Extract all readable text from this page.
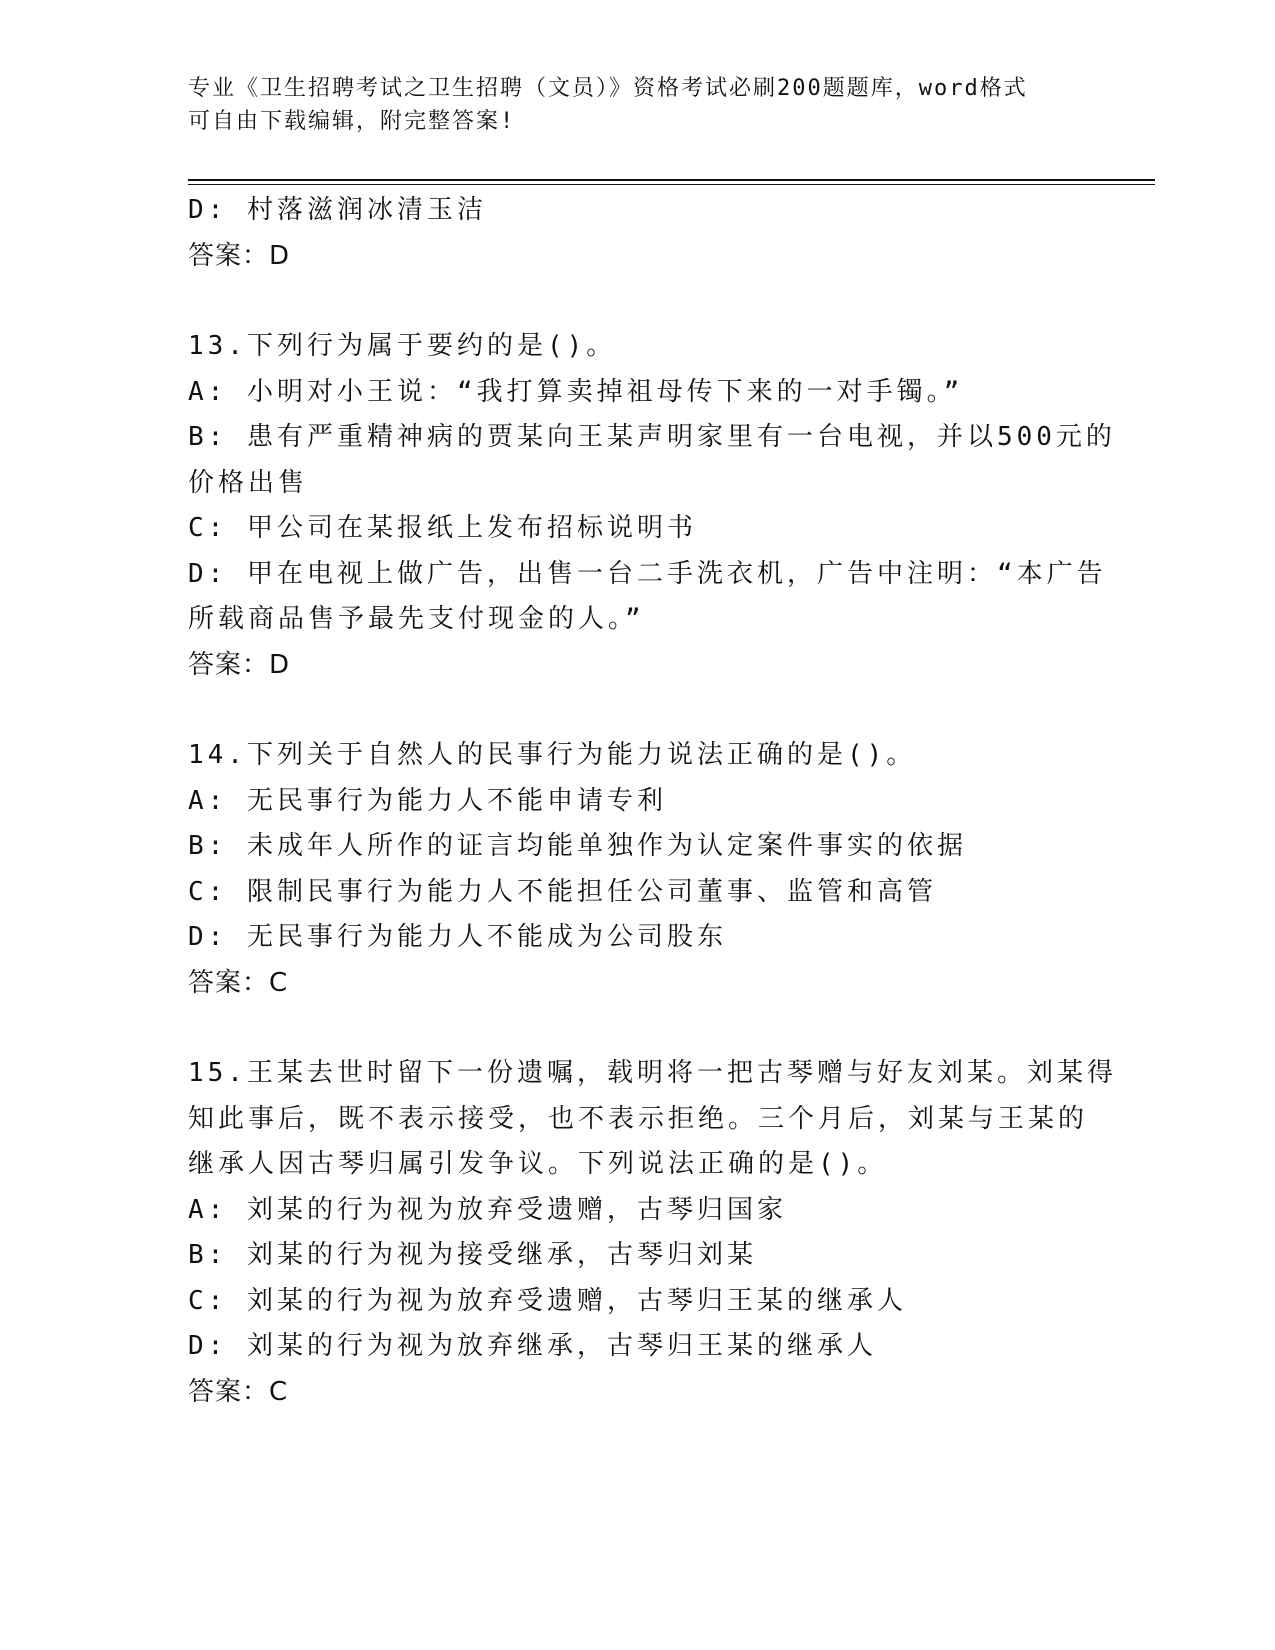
专业《卫生招聘考试之卫生招聘（文员）》资格考试必刷200题题库，word格式
可自由下载编辑，附完整答案!
D: 村落滋润冰清玉洁
答案：D
13.下列行为属于要约的是()。
A: 小明对小王说：“我打算卖掉祖母传下来的一对手镯。”
B: 患有严重精神病的贾某向王某声明家里有一台电视，并以500元的
价格出售
C: 甲公司在某报纸上发布招标说明书
D: 甲在电视上做广告，出售一台二手洗衣机，广告中注明：“本广告
所载商品售予最先支付现金的人。”
答案：D
14.下列关于自然人的民事行为能力说法正确的是()。
A: 无民事行为能力人不能申请专利
B: 未成年人所作的证言均能单独作为认定案件事实的依据
C: 限制民事行为能力人不能担任公司董事、监管和高管
D: 无民事行为能力人不能成为公司股东
答案：C
15.王某去世时留下一份遗嘱，载明将一把古琴赠与好友刘某。刘某得
知此事后，既不表示接受，也不表示拒绝。三个月后，刘某与王某的
继承人因古琴归属引发争议。下列说法正确的是()。
A: 刘某的行为视为放弃受遗赠，古琴归国家
B: 刘某的行为视为接受继承，古琴归刘某
C: 刘某的行为视为放弃受遗赠，古琴归王某的继承人
D: 刘某的行为视为放弃继承，古琴归王某的继承人
答案：C
